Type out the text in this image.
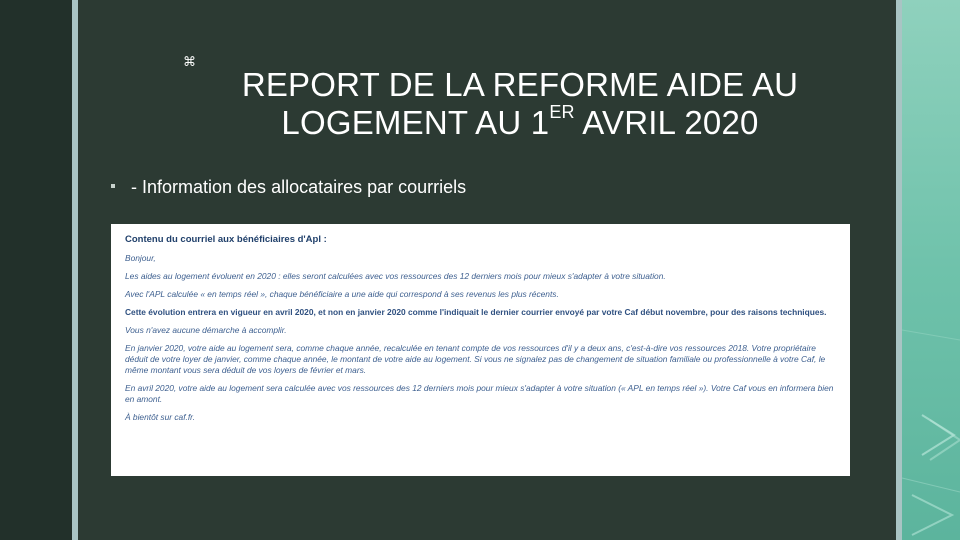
⌘
REPORT DE LA REFORME AIDE AU
LOGEMENT AU 1ER AVRIL 2020
- Information des allocataires par courriels
Contenu du courriel aux bénéficiaires d'Apl :

Bonjour,

Les aides au logement évoluent en 2020 : elles seront calculées avec vos ressources des 12 derniers mois pour mieux s'adapter à votre situation.

Avec l'APL calculée « en temps réel », chaque bénéficiaire a une aide qui correspond à ses revenus les plus récents.

Cette évolution entrera en vigueur en avril 2020, et non en janvier 2020 comme l'indiquait le dernier courrier envoyé par votre Caf début novembre, pour des raisons techniques.

Vous n'avez aucune démarche à accomplir.

En janvier 2020, votre aide au logement sera, comme chaque année, recalculée en tenant compte de vos ressources d'il y a deux ans, c'est-à-dire vos ressources 2018. Votre propriétaire déduit de votre loyer de janvier, comme chaque année, le montant de votre aide au logement. Si vous ne signalez pas de changement de situation familiale ou professionnelle à votre Caf, le même montant vous sera déduit de vos loyers de février et mars.

En avril 2020, votre aide au logement sera calculée avec vos ressources des 12 derniers mois pour mieux s'adapter à votre situation (« APL en temps réel »). Votre Caf vous en informera bien en amont.

À bientôt sur caf.fr.
